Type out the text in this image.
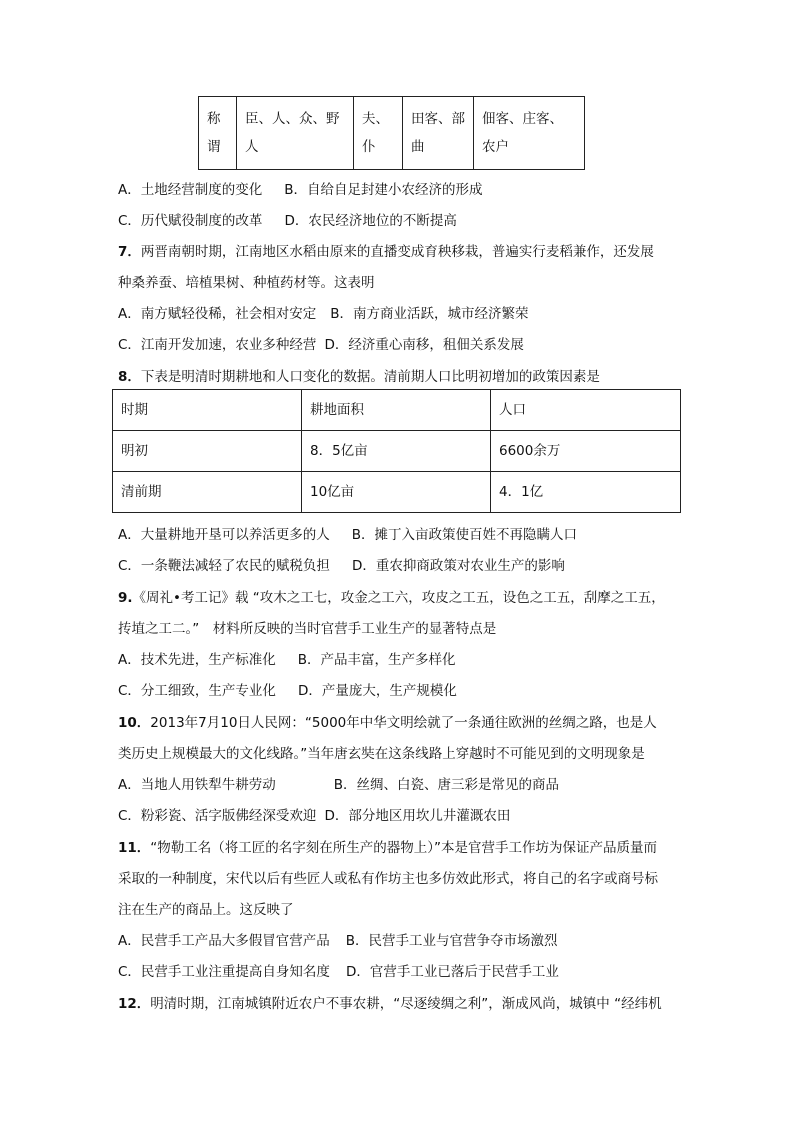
称谓	臣、人、众、野人	夫、仆	田客、部曲	佃客、庄客、农户
A．土地经营制度的变化 B．自给自足封建小农经济的形成
C．历代赋役制度的改革 D．农民经济地位的不断提高
7．两晋南朝时期，江南地区水稻由原来的直播变成育秧移栽，普遍实行麦稻兼作，还发展
种桑养蚕、培植果树、种植药材等。这表明
A．南方赋轻役稀，社会相对安定 B．南方商业活跃，城市经济繁荣
C．江南开发加速，农业多种经营 D．经济重心南移，租佃关系发展
8．下表是明清时期耕地和人口变化的数据。清前期人口比明初增加的政策因素是
时期	耕地面积	人口
明初	8．5亿亩	6600余万
清前期	10亿亩	4．1亿
A．大量耕地开垦可以养活更多的人 B．摊丁入亩政策使百姓不再隐瞒人口
C．一条鞭法减轻了农民的赋税负担 D．重农抑商政策对农业生产的影响
9.《周礼•考工记》载 “攻木之工七，攻金之工六，攻皮之工五，设色之工五，刮摩之工五，
抟埴之工二。”　材料所反映的当时官营手工业生产的显著特点是
A．技术先进，生产标准化 B．产品丰富，生产多样化
C．分工细致，生产专业化 D．产量庞大，生产规模化
10．2013年7月10日人民网：“5000年中华文明绘就了一条通往欧洲的丝绸之路，也是人
类历史上规模最大的文化线路。”当年唐玄奘在这条线路上穿越时不可能见到的文明现象是
A．当地人用铁犁牛耕劳动	B．丝绸、白瓷、唐三彩是常见的商品
C．粉彩瓷、活字版佛经深受欢迎 D．部分地区用坎儿井灌溉农田
11．“物勒工名（将工匠的名字刻在所生产的器物上）”本是官营手工作坊为保证产品质量而
采取的一种制度，宋代以后有些匠人或私有作坊主也多仿效此形式，将自己的名字或商号标
注在生产的商品上。这反映了
A．民营手工产品大多假冒官营产品 B．民营手工业与官营争夺市场激烈
C．民营手工业注重提高自身知名度 D．官营手工业已落后于民营手工业
12．明清时期，江南城镇附近农户不事农耕，“尽逐绫绸之利”，渐成风尚，城镇中 “经纬机
